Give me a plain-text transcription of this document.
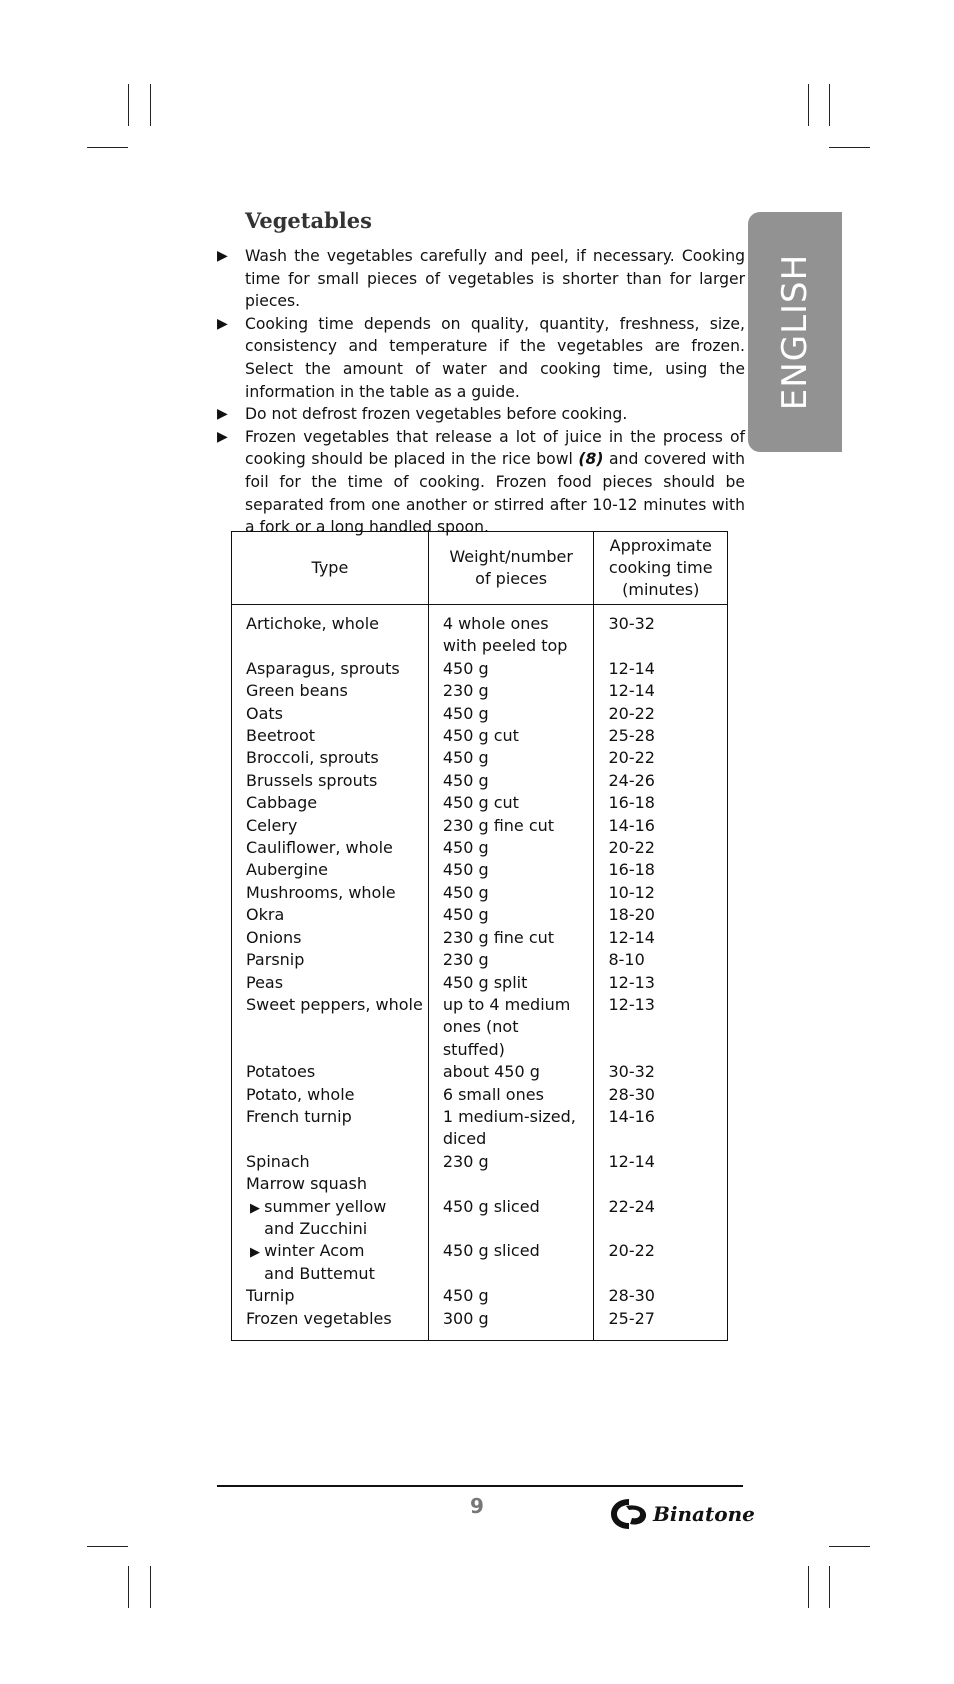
Vegetables
ENGLISH
▶ Wash the vegetables carefully and peel, if necessary. Cooking time for small pieces of vegetables is shorter than for larger pieces.
▶ Cooking time depends on quality, quantity, freshness, size, consistency and temperature if the vegetables are frozen. Select the amount of water and cooking time, using the information in the table as a guide.
▶ Do not defrost frozen vegetables before cooking.
▶ Frozen vegetables that release a lot of juice in the process of cooking should be placed in the rice bowl (8) and covered with foil for the time of cooking. Frozen food pieces should be separated from one another or stirred after 10-12 minutes with a fork or a long handled spoon.
Type	Weight/number of pieces	Approximate cooking time (minutes)

Artichoke, whole	4 whole ones with peeled top	30-32

Asparagus, sprouts	450 g	12-14

Green beans	230 g	12-14

Oats	450 g	20-22

Beetroot	450 g cut	25-28

Broccoli, sprouts	450 g	20-22

Brussels sprouts	450 g	24-26

Cabbage	450 g cut	16-18

Celery	230 g fine cut	14-16

Cauliflower, whole	450 g	20-22

Aubergine	450 g	16-18

Mushrooms, whole	450 g	10-12

Okra	450 g	18-20

Onions	230 g fine cut	12-14

Parsnip	230 g	8-10

Peas	450 g split	12-13

Sweet peppers, whole	up to 4 medium ones (not stuffed)	12-13

Potatoes	about 450 g	30-32

Potato, whole	6 small ones	28-30

French turnip	1 medium-sized, diced	14-16

Spinach	230 g	12-14

Marrow squash		

▶ summer yellow and Zucchini	450 g sliced	22-24

▶ winter Acom and Buttemut	450 g sliced	20-22

Turnip	450 g	28-30

Frozen vegetables	300 g	25-27
9	Binatone
